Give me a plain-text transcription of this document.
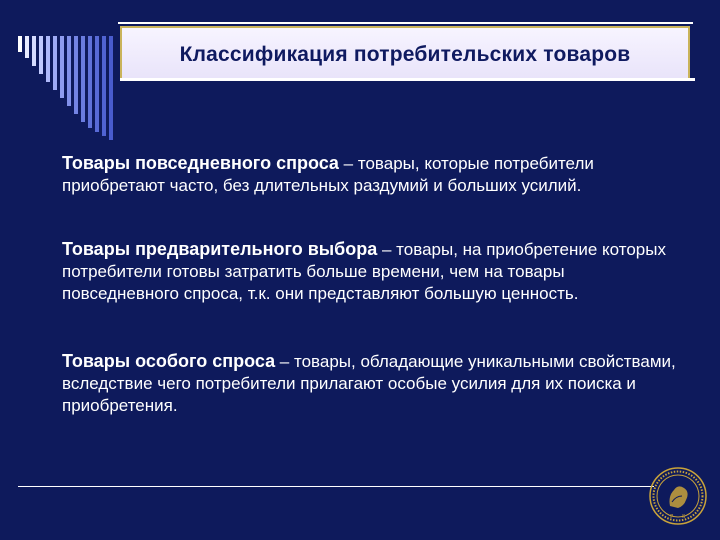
Классификация потребительских товаров
Товары повседневного спроса – товары, которые потребители приобретают часто, без длительных раздумий и больших усилий.
Товары предварительного выбора – товары, на приобретение которых потребители готовы затратить больше времени, чем на товары повседневного спроса, т.к. они представляют большую ценность.
Товары особого спроса – товары, обладающие уникальными свойствами, вследствие чего потребители прилагают особые усилия для их поиска и приобретения.
P S
